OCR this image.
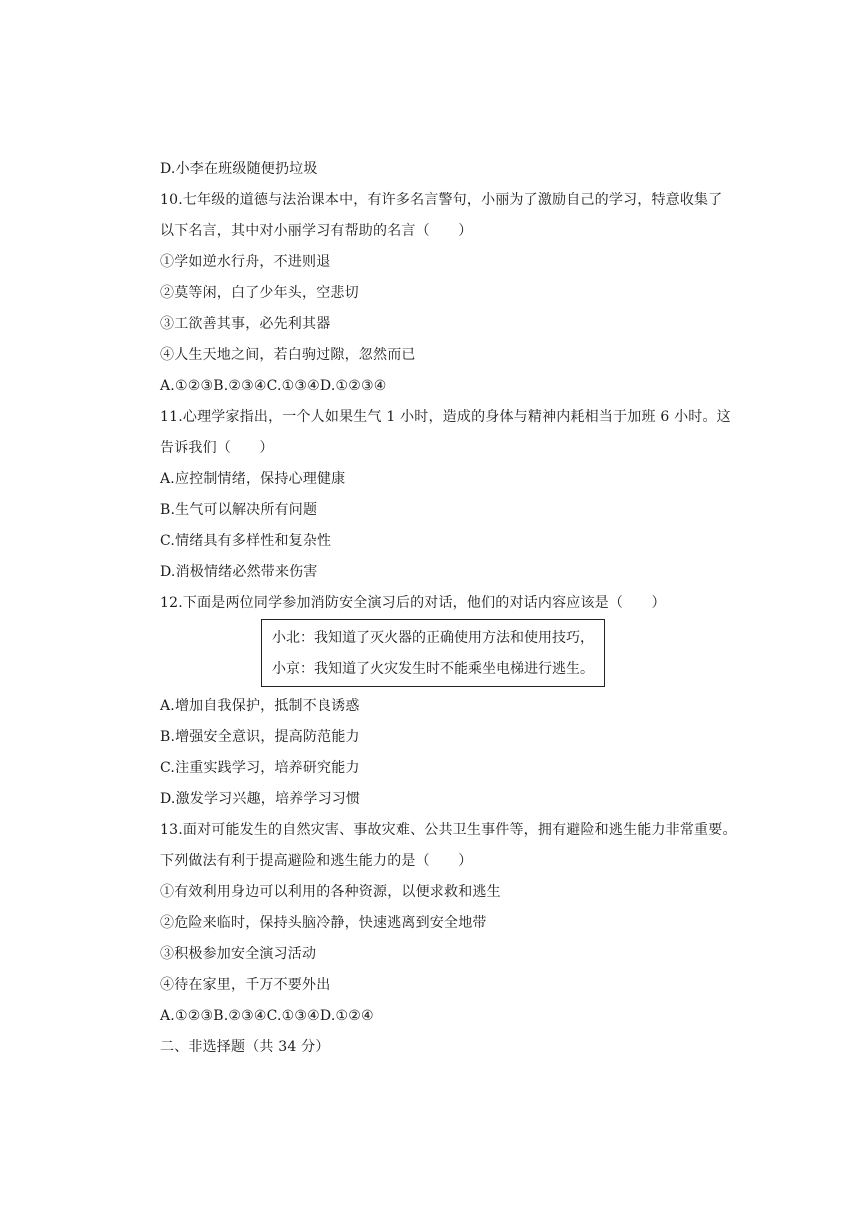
D.小李在班级随便扔垃圾
10.七年级的道德与法治课本中，有许多名言警句，小丽为了激励自己的学习，特意收集了
以下名言，其中对小丽学习有帮助的名言（　　）
①学如逆水行舟，不进则退
②莫等闲，白了少年头，空悲切
③工欲善其事，必先利其器
④人生天地之间，若白驹过隙，忽然而已
A.①②③B.②③④C.①③④D.①②③④
11.心理学家指出，一个人如果生气 1 小时，造成的身体与精神内耗相当于加班 6 小时。这
告诉我们（　　）
A.应控制情绪，保持心理健康
B.生气可以解决所有问题
C.情绪具有多样性和复杂性
D.消极情绪必然带来伤害
12.下面是两位同学参加消防安全演习后的对话，他们的对话内容应该是（　　）
小北：我知道了灭火器的正确使用方法和使用技巧，
小京：我知道了火灾发生时不能乘坐电梯进行逃生。
A.增加自我保护，抵制不良诱惑
B.增强安全意识，提高防范能力
C.注重实践学习，培养研究能力
D.激发学习兴趣，培养学习习惯
13.面对可能发生的自然灾害、事故灾难、公共卫生事件等，拥有避险和逃生能力非常重要。
下列做法有利于提高避险和逃生能力的是（　　）
①有效利用身边可以利用的各种资源，以便求救和逃生
②危险来临时，保持头脑冷静，快速逃离到安全地带
③积极参加安全演习活动
④待在家里，千万不要外出
A.①②③B.②③④C.①③④D.①②④
二、非选择题（共 34 分）
